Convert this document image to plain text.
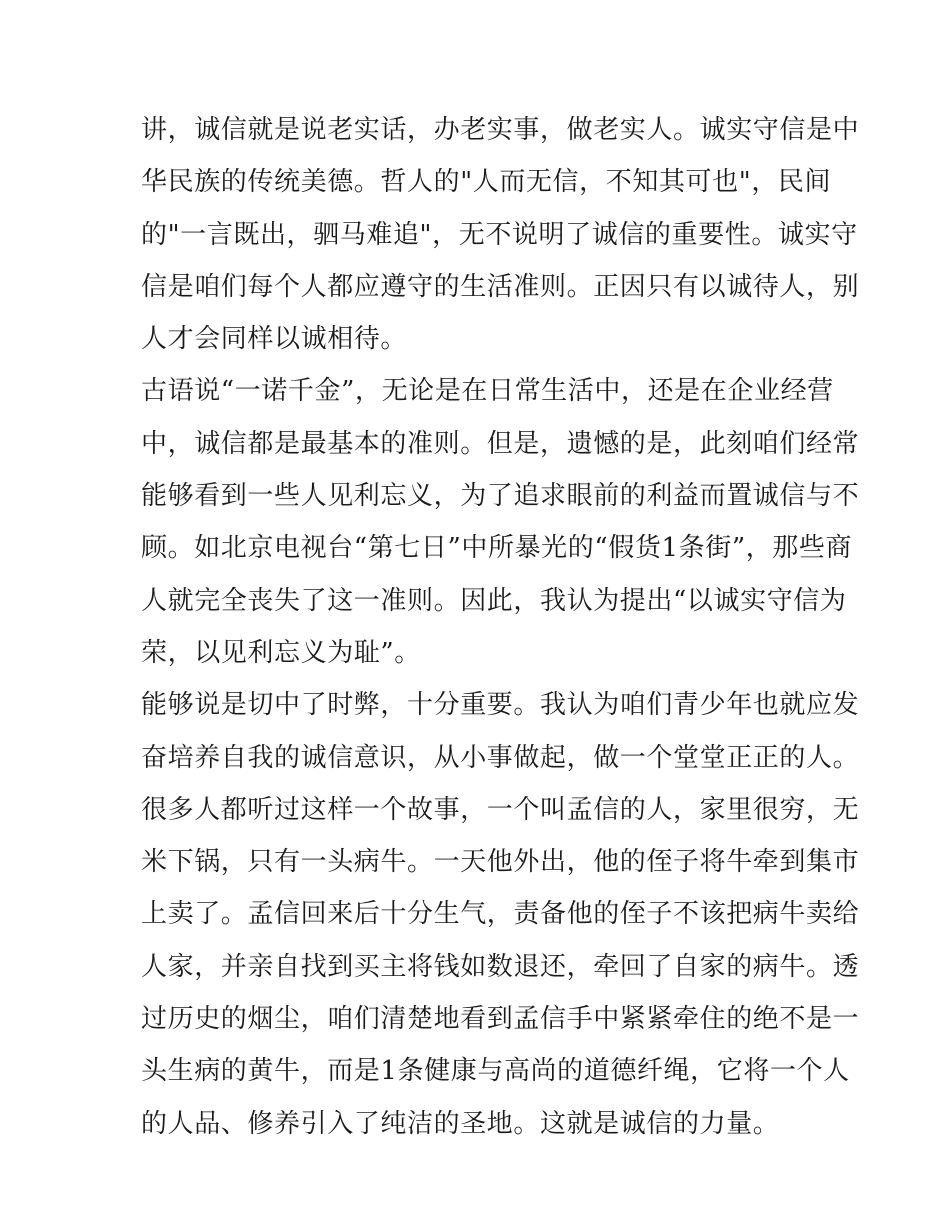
讲，诚信就是说老实话，办老实事，做老实人。诚实守信是中
华民族的传统美德。哲人的"人而无信，不知其可也"，民间
的"一言既出，驷马难追"，无不说明了诚信的重要性。诚实守
信是咱们每个人都应遵守的生活准则。正因只有以诚待人，别
人才会同样以诚相待。
古语说“一诺千金”，无论是在日常生活中，还是在企业经营
中，诚信都是最基本的准则。但是，遗憾的是，此刻咱们经常
能够看到一些人见利忘义，为了追求眼前的利益而置诚信与不
顾。如北京电视台“第七日”中所暴光的“假货1条街”，那些商
人就完全丧失了这一准则。因此，我认为提出“以诚实守信为
荣，以见利忘义为耻”。
能够说是切中了时弊，十分重要。我认为咱们青少年也就应发
奋培养自我的诚信意识，从小事做起，做一个堂堂正正的人。
很多人都听过这样一个故事，一个叫孟信的人，家里很穷，无
米下锅，只有一头病牛。一天他外出，他的侄子将牛牵到集市
上卖了。孟信回来后十分生气，责备他的侄子不该把病牛卖给
人家，并亲自找到买主将钱如数退还，牵回了自家的病牛。透
过历史的烟尘，咱们清楚地看到孟信手中紧紧牵住的绝不是一
头生病的黄牛，而是1条健康与高尚的道德纤绳，它将一个人
的人品、修养引入了纯洁的圣地。这就是诚信的力量。
